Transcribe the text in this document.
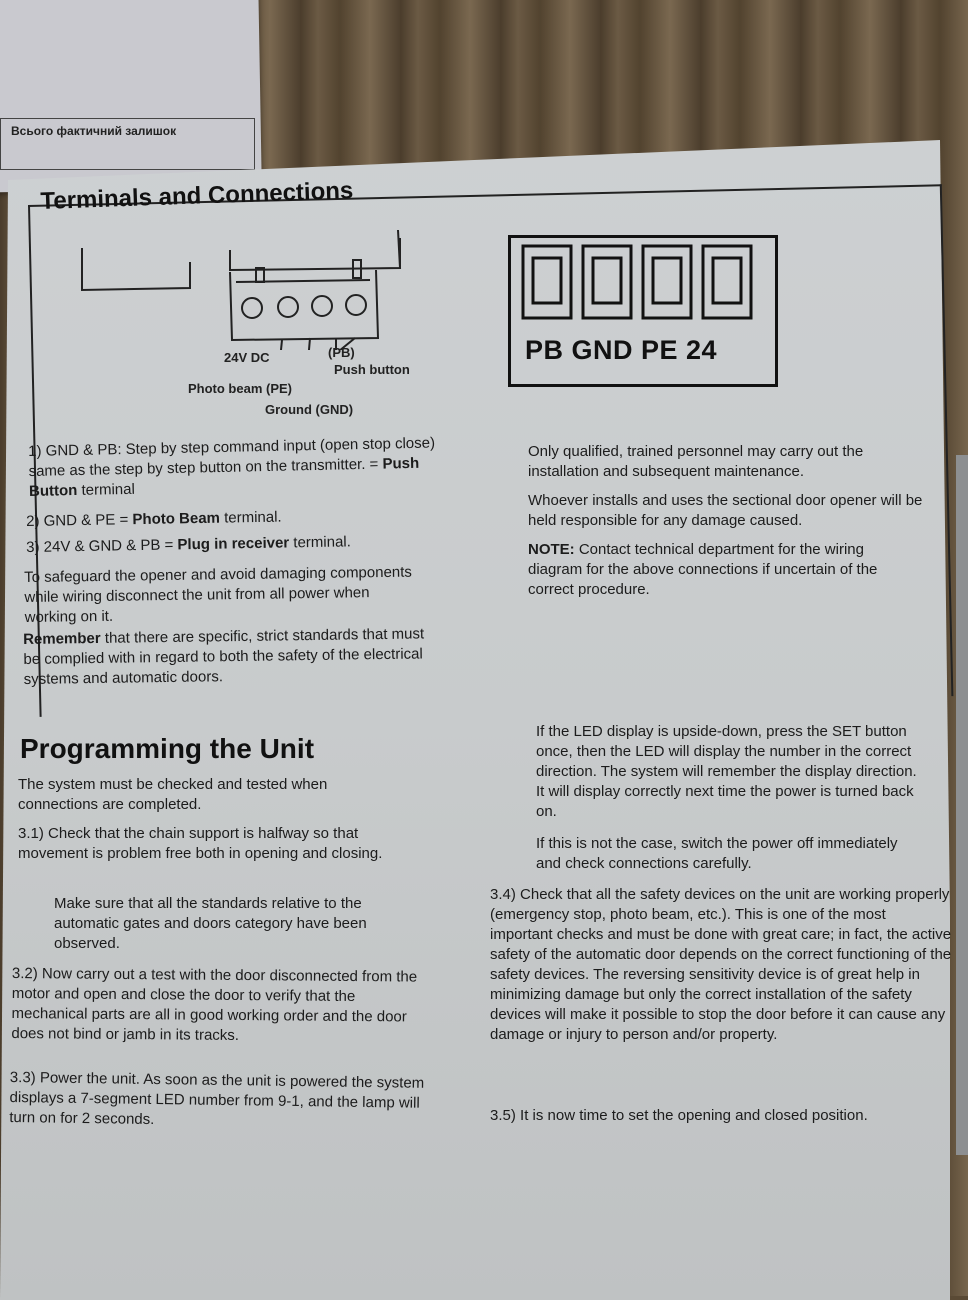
Всього фактичний залишок
Terminals and Connections
24V DC	(PB)
Push button
Photo beam (PE)
Ground (GND)
PB GND PE 24
1) GND & PB: Step by step command input (open stop close) same as the step by step button on the transmitter. = Push Button terminal
2) GND & PE = Photo Beam terminal.
3) 24V & GND & PB = Plug in receiver terminal.
To safeguard the opener and avoid damaging components while wiring disconnect the unit from all power when working on it.
Remember that there are specific, strict standards that must be complied with in regard to both the safety of the electrical systems and automatic doors.
Only qualified, trained personnel may carry out the installation and subsequent maintenance.
Whoever installs and uses the sectional door opener will be held responsible for any damage caused.
NOTE: Contact technical department for the wiring diagram for the above connections if uncertain of the correct procedure.
Programming the Unit
The system must be checked and tested when connections are completed.
3.1) Check that the chain support is halfway so that movement is problem free both in opening and closing.
Make sure that all the standards relative to the automatic gates and doors category have been observed.
3.2) Now carry out a test with the door disconnected from the motor and open and close the door to verify that the mechanical parts are all in good working order and the door does not bind or jamb in its tracks.
3.3) Power the unit. As soon as the unit is powered the system displays a 7-segment LED number from 9-1, and the lamp will turn on for 2 seconds.
If the LED display is upside-down, press the SET button once, then the LED will display the number in the correct direction. The system will remember the display direction. It will display correctly next time the power is turned back on.
If this is not the case, switch the power off immediately and check connections carefully.
3.4) Check that all the safety devices on the unit are working properly (emergency stop, photo beam, etc.). This is one of the most important checks and must be done with great care; in fact, the active safety of the automatic door depends on the correct functioning of the safety devices. The reversing sensitivity device is of great help in minimizing damage but only the correct installation of the safety devices will make it possible to stop the door before it can cause any damage or injury to person and/or property.
3.5) It is now time to set the opening and closed position.
